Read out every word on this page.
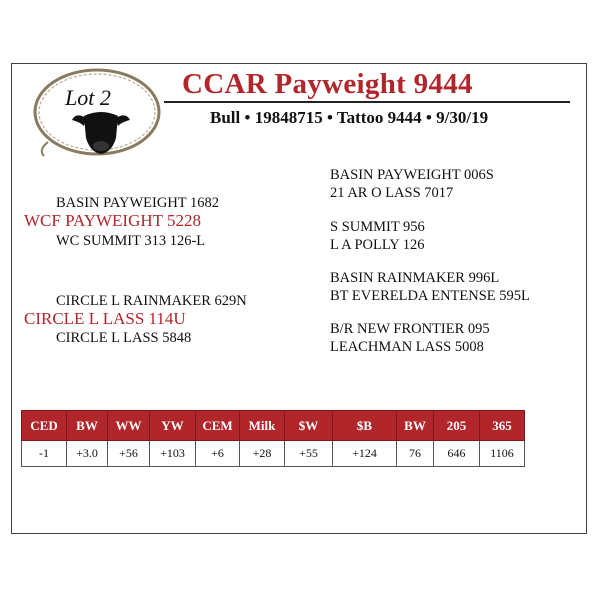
Lot 2 CCAR Payweight 9444
Bull • 19848715 • Tattoo 9444 • 9/30/19
BASIN PAYWEIGHT 1682
WCF PAYWEIGHT 5228
WC SUMMIT 313 126-L
CIRCLE L RAINMAKER 629N
CIRCLE L LASS 114U
CIRCLE L LASS 5848
BASIN PAYWEIGHT 006S
21 AR O LASS 7017
S SUMMIT 956
L A POLLY 126
BASIN RAINMAKER 996L
BT EVERELDA ENTENSE 595L
B/R NEW FRONTIER 095
LEACHMAN LASS 5008
CED	BW	WW	YW	CEM	Milk	$W	$B	BW	205	365
-1	+3.0	+56	+103	+6	+28	+55	+124	76	646	1106
